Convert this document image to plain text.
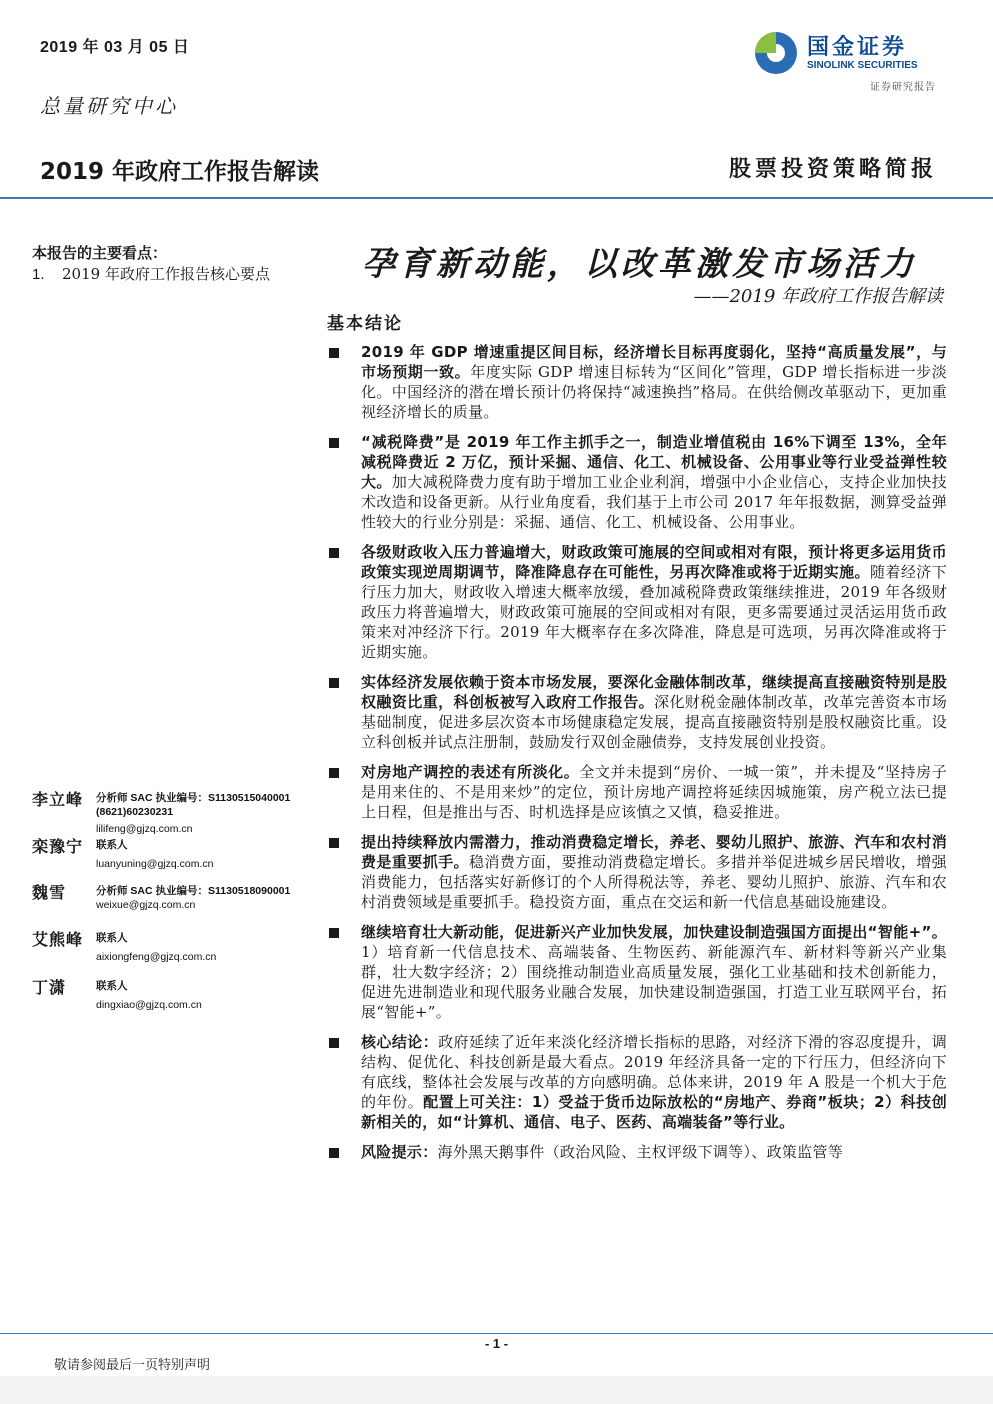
2019 年 03 月 05 日
总量研究中心
2019 年政府工作报告解读	股票投资策略简报
国金证券
SINOLINK SECURITIES
证券研究报告
本报告的主要看点：
1. 2019 年政府工作报告核心要点
李立峰 分析师 SAC 执业编号：S1130515040001
(8621)60230231
lilifeng@gjzq.com.cn
栾豫宁 联系人
luanyuning@gjzq.com.cn
魏雪	分析师 SAC 执业编号：S1130518090001
weixue@gjzq.com.cn
艾熊峰 联系人
aixiongfeng@gjzq.com.cn
丁潇	联系人
dingxiao@gjzq.com.cn
孕育新动能，以改革激发市场活力
——2019 年政府工作报告解读
基本结论
2019 年 GDP 增速重提区间目标，经济增长目标再度弱化，坚持“高质量发展”，与市场预期一致。年度实际 GDP 增速目标转为“区间化”管理，GDP 增长指标进一步淡化。中国经济的潜在增长预计仍将保持“减速换挡”格局。在供给侧改革驱动下，更加重视经济增长的质量。
“减税降费”是 2019 年工作主抓手之一，制造业增值税由 16%下调至 13%，全年减税降费近 2 万亿，预计采掘、通信、化工、机械设备、公用事业等行业受益弹性较大。加大减税降费力度有助于增加工业企业利润，增强中小企业信心，支持企业加快技术改造和设备更新。从行业角度看，我们基于上市公司 2017 年年报数据，测算受益弹性较大的行业分别是：采掘、通信、化工、机械设备、公用事业。
各级财政收入压力普遍增大，财政政策可施展的空间或相对有限，预计将更多运用货币政策实现逆周期调节，降准降息存在可能性，另再次降准或将于近期实施。随着经济下行压力加大，财政收入增速大概率放缓，叠加减税降费政策继续推进，2019 年各级财政压力将普遍增大，财政政策可施展的空间或相对有限，更多需要通过灵活运用货币政策来对冲经济下行。2019 年大概率存在多次降准，降息是可选项，另再次降准或将于近期实施。
实体经济发展依赖于资本市场发展，要深化金融体制改革，继续提高直接融资特别是股权融资比重，科创板被写入政府工作报告。深化财税金融体制改革，改革完善资本市场基础制度，促进多层次资本市场健康稳定发展，提高直接融资特别是股权融资比重。设立科创板并试点注册制，鼓励发行双创金融债券，支持发展创业投资。
对房地产调控的表述有所淡化。全文并未提到“房价、一城一策”，并未提及“坚持房子是用来住的、不是用来炒”的定位，预计房地产调控将延续因城施策，房产税立法已提上日程，但是推出与否、时机选择是应该慎之又慎，稳妥推进。
提出持续释放内需潜力，推动消费稳定增长，养老、婴幼儿照护、旅游、汽车和农村消费是重要抓手。稳消费方面，要推动消费稳定增长。多措并举促进城乡居民增收，增强消费能力，包括落实好新修订的个人所得税法等，养老、婴幼儿照护、旅游、汽车和农村消费领域是重要抓手。稳投资方面，重点在交运和新一代信息基础设施建设。
继续培育壮大新动能，促进新兴产业加快发展，加快建设制造强国方面提出“智能+”。1）培育新一代信息技术、高端装备、生物医药、新能源汽车、新材料等新兴产业集群，壮大数字经济；2）围绕推动制造业高质量发展，强化工业基础和技术创新能力，促进先进制造业和现代服务业融合发展，加快建设制造强国，打造工业互联网平台，拓展“智能+”。
核心结论：政府延续了近年来淡化经济增长指标的思路，对经济下滑的容忍度提升，调结构、促优化、科技创新是最大看点。2019 年经济具备一定的下行压力，但经济向下有底线，整体社会发展与改革的方向感明确。总体来讲，2019 年 A 股是一个机大于危的年份。配置上可关注：1）受益于货币边际放松的“房地产、券商”板块；2）科技创新相关的，如“计算机、通信、电子、医药、高端装备”等行业。
风险提示：海外黑天鹅事件（政治风险、主权评级下调等）、政策监管等
- 1 -
敬请参阅最后一页特别声明
